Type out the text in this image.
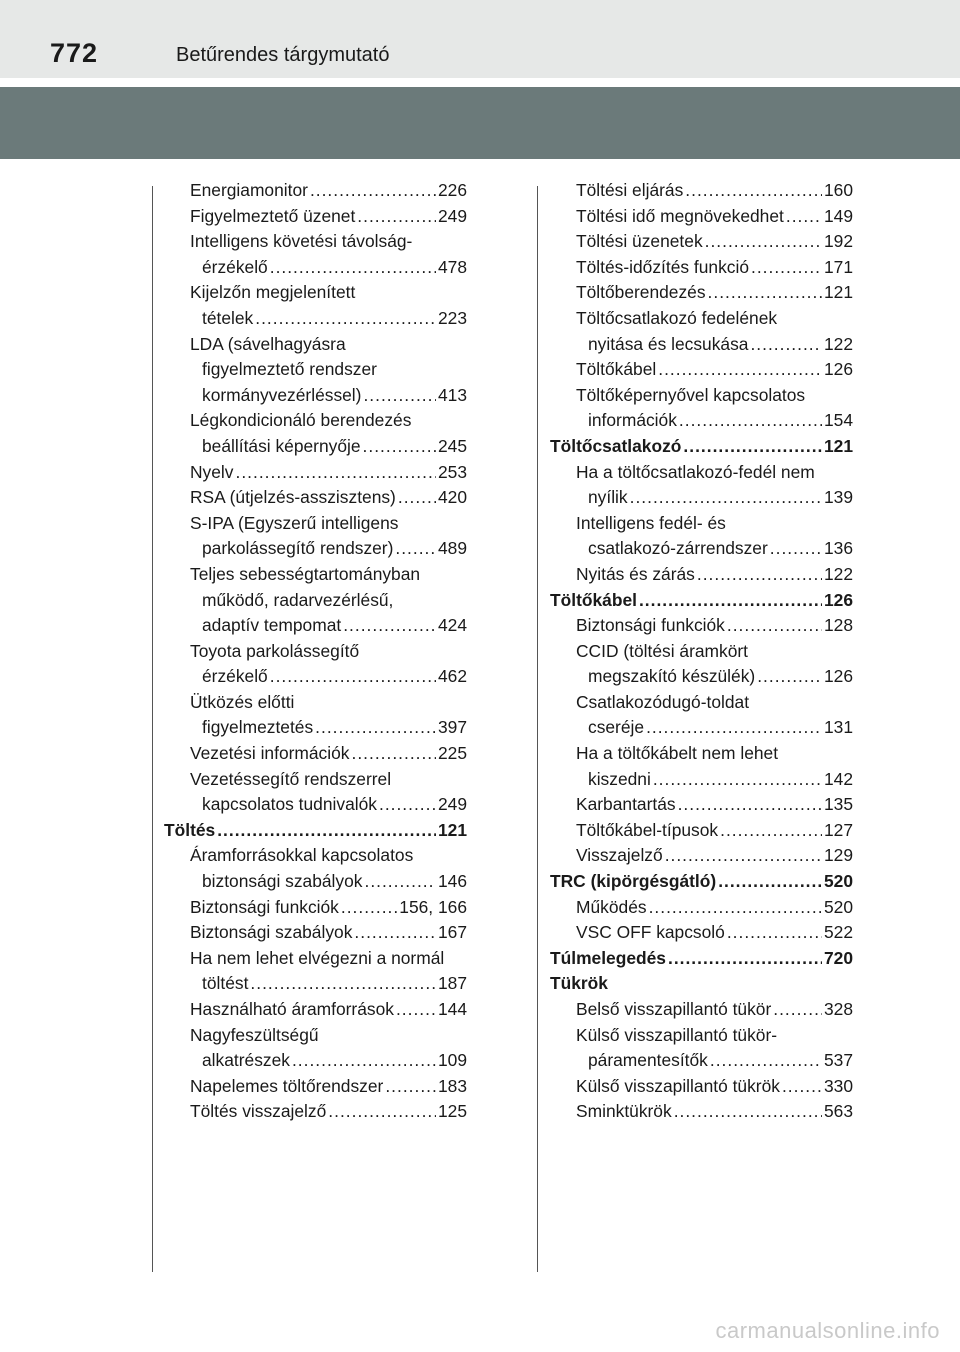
772	Betűrendes tárgymutató
Energiamonitor .....	226
Figyelmeztető üzenet .....	249
Intelligens követési távolság-
érzékelő .....	478
Kijelzőn megjelenített
tételek .....	223
LDA (sávelhagyásra
figyelmeztető rendszer
kormányvezérléssel) .....	413
Légkondicionáló berendezés
beállítási képernyője .....	245
Nyelv .....	253
RSA (útjelzés-asszisztens) ..... 420
S-IPA (Egyszerű intelligens
parkolássegítő rendszer) .....	489
Teljes sebességtartományban
működő, radarvezérlésű,
adaptív tempomat .....	424
Toyota parkolássegítő
érzékelő .....	462
Ütközés előtti
figyelmeztetés .....	397
Vezetési információk .....	225
Vezetéssegítő rendszerrel
kapcsolatos tudnivalók .....	249
Töltés .....	121
Áramforrásokkal kapcsolatos
biztonsági szabályok .....	146
Biztonsági funkciók .....	156, 166
Biztonsági szabályok .....	167
Ha nem lehet elvégezni a normál
töltést .....	187
Használható áramforrások .....	144
Nagyfeszültségű
alkatrészek .....	109
Napelemes töltőrendszer .....	183
Töltés visszajelző .....	125
Töltési eljárás .....	160
Töltési idő megnövekedhet ..... 149
Töltési üzenetek .....	192
Töltés-időzítés funkció .....	171
Töltőberendezés .....	121
Töltőcsatlakozó fedelének
nyitása és lecsukása .....	122
Töltőkábel .....	126
Töltőképernyővel kapcsolatos
információk .....	154
Töltőcsatlakozó .....	121
Ha a töltőcsatlakozó-fedél nem
nyílik .....	139
Intelligens fedél- és
csatlakozó-zárrendszer .....	136
Nyitás és zárás .....	122
Töltőkábel .....	126
Biztonsági funkciók .....	128
CCID (töltési áramkört
megszakító készülék) .....	126
Csatlakozódugó-toldat
cseréje .....	131
Ha a töltőkábelt nem lehet
kiszedni .....	142
Karbantartás .....	135
Töltőkábel-típusok .....	127
Visszajelző .....	129
TRC (kipörgésgátló) .....	520
Működés .....	520
VSC OFF kapcsoló .....	522
Túlmelegedés .....	720
Tükrök
Belső visszapillantó tükör .....	328
Külső visszapillantó tükör-
páramentesítők .....	537
Külső visszapillantó tükrök .....	330
Sminktükrök .....	563
carmanualsonline.info
